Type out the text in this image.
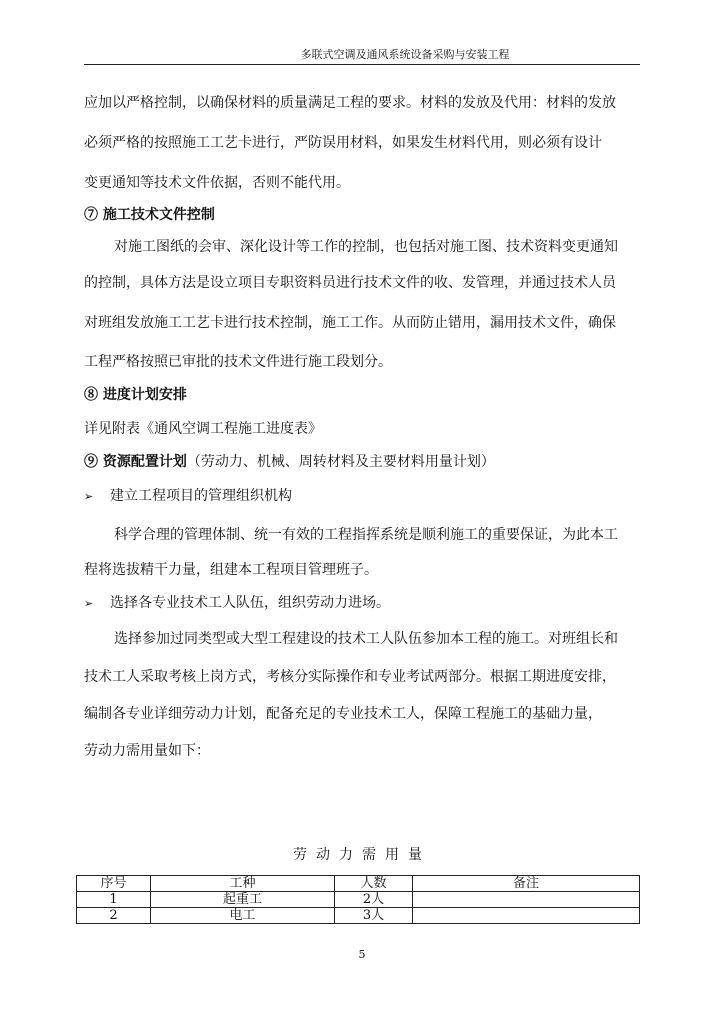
多联式空调及通风系统设备采购与安装工程
应加以严格控制，以确保材料的质量满足工程的要求。材料的发放及代用：材料的发放
必须严格的按照施工工艺卡进行，严防误用材料，如果发生材料代用，则必须有设计
变更通知等技术文件依据，否则不能代用。
⑦ 施工技术文件控制
对施工图纸的会审、深化设计等工作的控制，也包括对施工图、技术资料变更通知
的控制，具体方法是设立项目专职资料员进行技术文件的收、发管理，并通过技术人员
对班组发放施工工艺卡进行技术控制，施工工作。从而防止错用，漏用技术文件，确保
工程严格按照已审批的技术文件进行施工段划分。
⑧ 进度计划安排
详见附表《通风空调工程施工进度表》
⑨ 资源配置计划（劳动力、机械、周转材料及主要材料用量计划）
➢ 建立工程项目的管理组织机构
科学合理的管理体制、统一有效的工程指挥系统是顺利施工的重要保证，为此本工
程将选拔精干力量，组建本工程项目管理班子。
➢ 选择各专业技术工人队伍，组织劳动力进场。
选择参加过同类型或大型工程建设的技术工人队伍参加本工程的施工。对班组长和
技术工人采取考核上岗方式，考核分实际操作和专业考试两部分。根据工期进度安排，
编制各专业详细劳动力计划，配备充足的专业技术工人，保障工程施工的基础力量，
劳动力需用量如下：
劳动力需用量
序号	工种	人数	备注
1	起重工	2人	
2	电工	3人	
5
